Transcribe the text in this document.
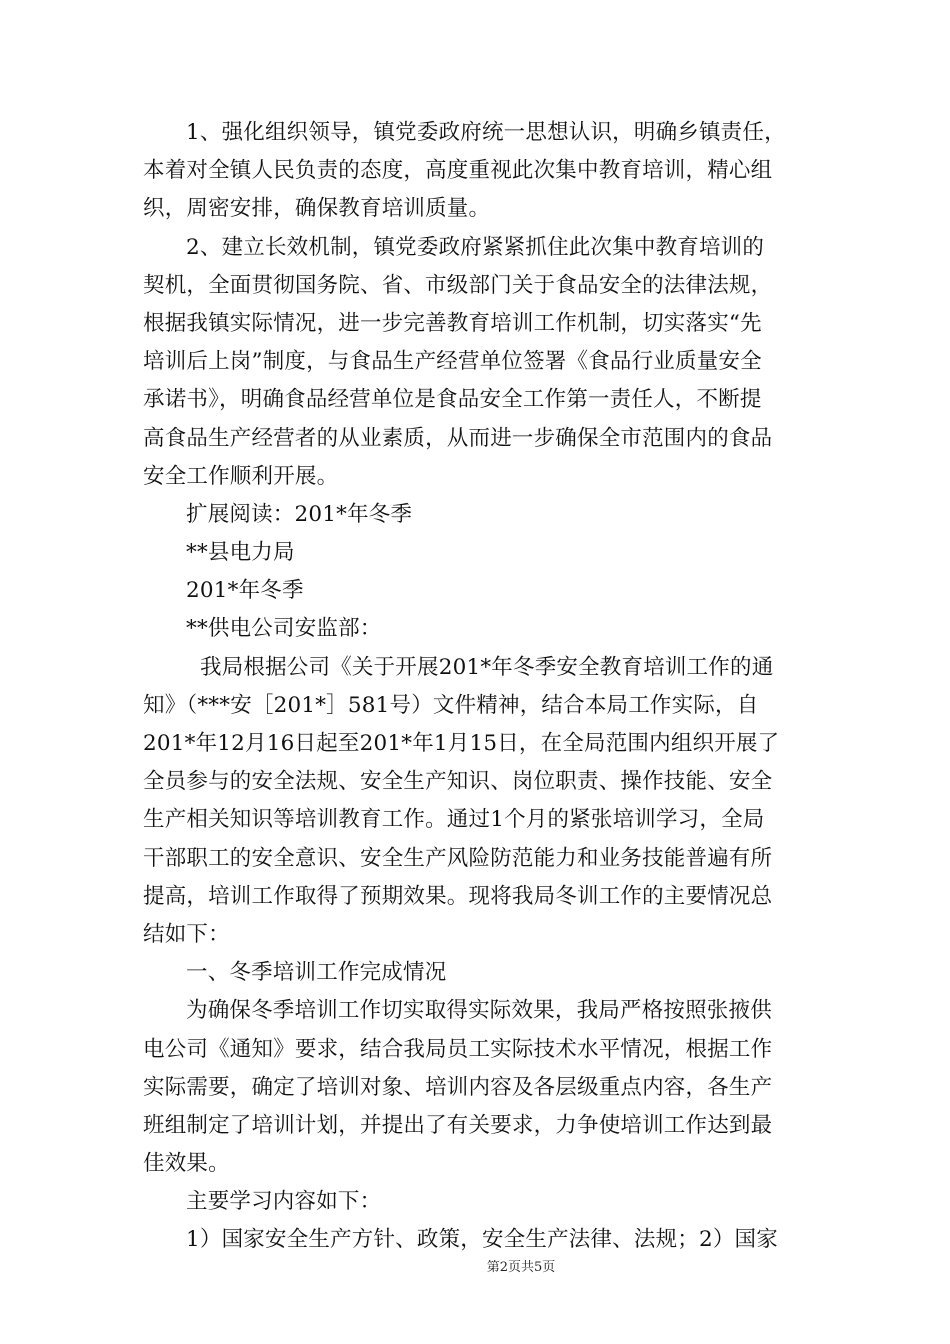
1、强化组织领导，镇党委政府统一思想认识，明确乡镇责任，
本着对全镇人民负责的态度，高度重视此次集中教育培训，精心组
织，周密安排，确保教育培训质量。
2、建立长效机制，镇党委政府紧紧抓住此次集中教育培训的
契机，全面贯彻国务院、省、市级部门关于食品安全的法律法规，
根据我镇实际情况，进一步完善教育培训工作机制，切实落实“先
培训后上岗”制度，与食品生产经营单位签署《食品行业质量安全
承诺书》，明确食品经营单位是食品安全工作第一责任人，不断提
高食品生产经营者的从业素质，从而进一步确保全市范围内的食品
安全工作顺利开展。
扩展阅读：201*年冬季
**县电力局
201*年冬季
**供电公司安监部：
我局根据公司《关于开展201*年冬季安全教育培训工作的通
知》（***安［201*］581号）文件精神，结合本局工作实际，自
201*年12月16日起至201*年1月15日，在全局范围内组织开展了
全员参与的安全法规、安全生产知识、岗位职责、操作技能、安全
生产相关知识等培训教育工作。通过1个月的紧张培训学习，全局
干部职工的安全意识、安全生产风险防范能力和业务技能普遍有所
提高，培训工作取得了预期效果。现将我局冬训工作的主要情况总
结如下：
一、冬季培训工作完成情况
为确保冬季培训工作切实取得实际效果，我局严格按照张掖供
电公司《通知》要求，结合我局员工实际技术水平情况，根据工作
实际需要，确定了培训对象、培训内容及各层级重点内容，各生产
班组制定了培训计划，并提出了有关要求，力争使培训工作达到最
佳效果。
主要学习内容如下：
1）国家安全生产方针、政策，安全生产法律、法规；2）国家
第2页共5页
